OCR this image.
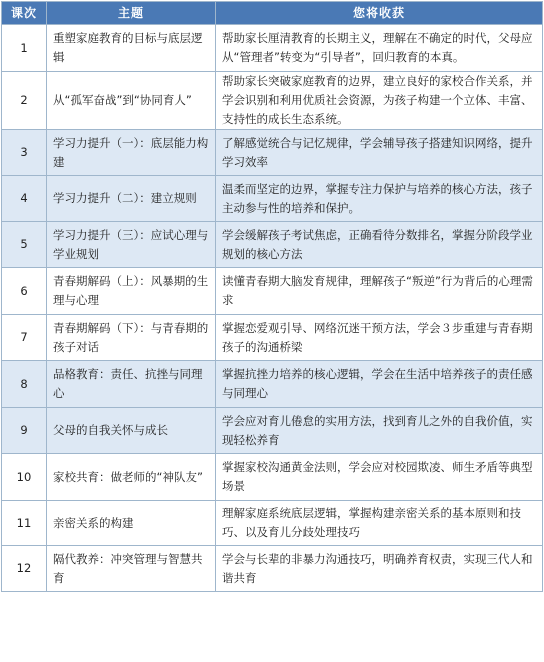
课次	主题	您将收获
1	重塑家庭教育的目标与底层逻辑	帮助家长厘清教育的长期主义，理解在不确定的时代，父母应从“管理者”转变为“引导者”，回归教育的本真。
2	从“孤军奋战”到“协同育人”	帮助家长突破家庭教育的边界，建立良好的家校合作关系，并学会识别和利用优质社会资源，为孩子构建一个立体、丰富、支持性的成长生态系统。
3	学习力提升（一）：底层能力构建	了解感觉统合与记忆规律，学会辅导孩子搭建知识网络，提升学习效率
4	学习力提升（二）：建立规则	温柔而坚定的边界，掌握专注力保护与培养的核心方法，孩子主动参与性的培养和保护。
5	学习力提升（三）：应试心理与学业规划	学会缓解孩子考试焦虑，正确看待分数排名，掌握分阶段学业规划的核心方法
6	青春期解码（上）：风暴期的生理与心理	读懂青春期大脑发育规律，理解孩子“叛逆”行为背后的心理需求
7	青春期解码（下）：与青春期的孩子对话	掌握恋爱观引导、网络沉迷干预方法，学会３步重建与青春期孩子的沟通桥梁
8	品格教育：责任、抗挫与同理心	掌握抗挫力培养的核心逻辑，学会在生活中培养孩子的责任感与同理心
9	父母的自我关怀与成长	学会应对育儿倦怠的实用方法，找到育儿之外的自我价值，实现轻松养育
10	家校共育：做老师的“神队友”	掌握家校沟通黄金法则，学会应对校园欺凌、师生矛盾等典型场景
11	亲密关系的构建	理解家庭系统底层逻辑，掌握构建亲密关系的基本原则和技巧、以及育儿分歧处理技巧
12	隔代教养：冲突管理与智慧共育	学会与长辈的非暴力沟通技巧，明确养育权责，实现三代人和谐共育
